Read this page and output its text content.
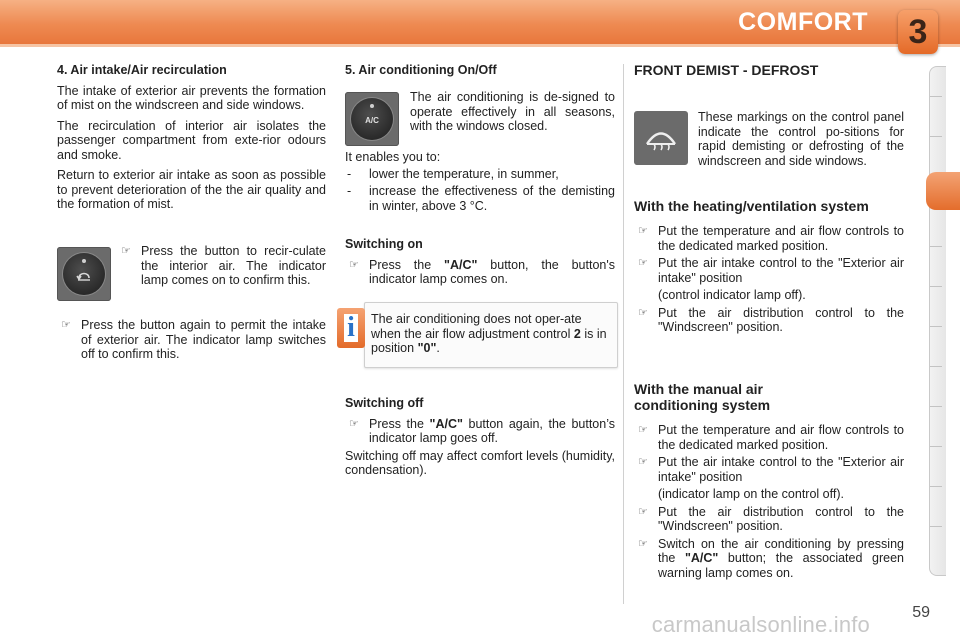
COMFORT	3
4. Air intake/Air recirculation

The intake of exterior air prevents the formation of mist on the windscreen and side windows.

The recirculation of interior air isolates the passenger compartment from exte-rior odours and smoke.

Return to exterior air intake as soon as possible to prevent deterioration of the the air quality and the formation of mist.

☞ Press the button to recir-culate the interior air. The indicator lamp comes on to confirm this.
☞ Press the button again to permit the intake of exterior air. The indicator lamp switches off to confirm this.
5. Air conditioning On/Off
A/C

The air conditioning is de-signed to operate effectively in all seasons, with the windows closed.

It enables you to:

- lower the temperature, in summer,
- increase the effectiveness of the demisting in winter, above 3 °C.
Switching on
☞ Press the "A/C" button, the button's indicator lamp comes on.
The air conditioning does not oper-ate when the air flow adjustment control 2 is in position "0".
i
Switching off
☞ Press the "A/C" button again, the button’s indicator lamp goes off.

Switching off may affect comfort levels (humidity, condensation).

FRONT DEMIST - DEFROST

These markings on the control panel indicate the control po-sitions for rapid demisting or defrosting of the windscreen and side windows.

With the heating/ventilation system
☞ Put the temperature and air flow controls to the dedicated marked position.
☞ Put the air intake control to the "Exterior air intake" position
(control indicator lamp off).
☞ Put the air distribution control to the "Windscreen" position.
With the manual air conditioning system
☞ Put the temperature and air flow controls to the dedicated marked position.
☞ Put the air intake control to the "Exterior air intake" position
(indicator lamp on the control off).
☞ Put the air distribution control to the "Windscreen" position.
☞ Switch on the air conditioning by pressing the "A/C" button; the associated green warning lamp comes on.
carmanualsonline.info	59
